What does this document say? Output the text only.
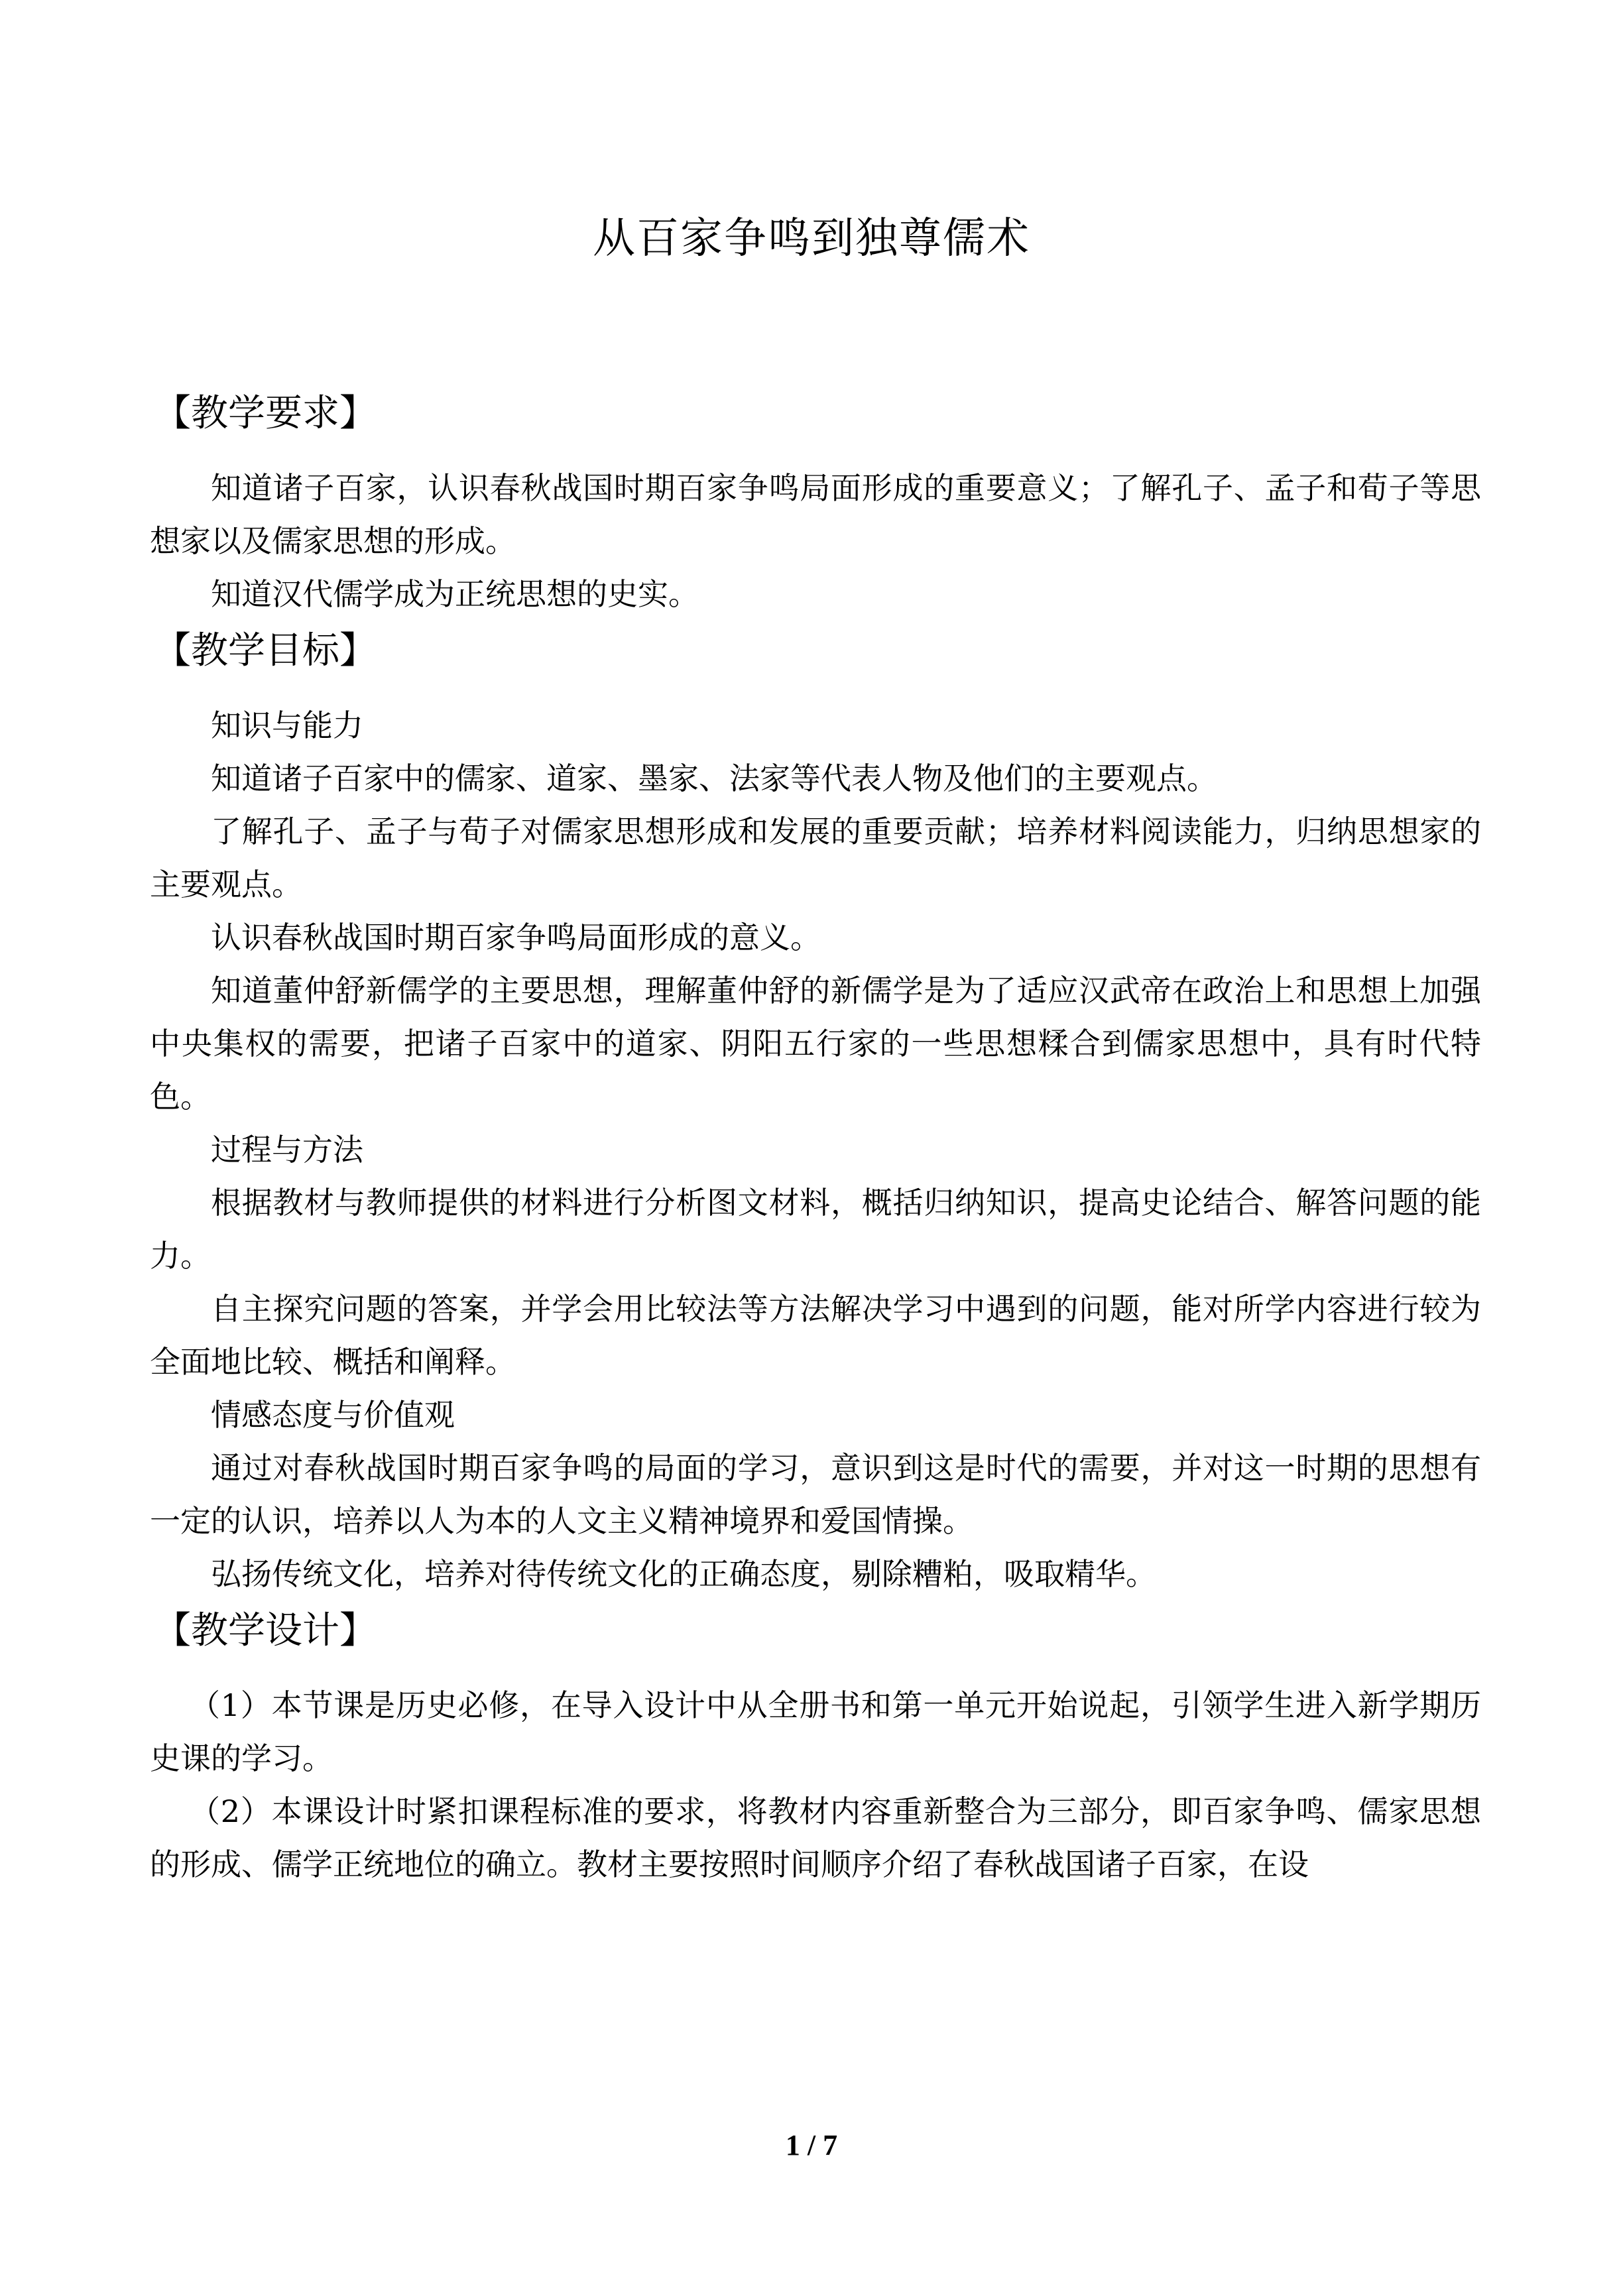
从百家争鸣到独尊儒术
【教学要求】

知道诸子百家，认识春秋战国时期百家争鸣局面形成的重要意义；了解孔子、孟子和荀子等思想家以及儒家思想的形成。

知道汉代儒学成为正统思想的史实。

【教学目标】

知识与能力

知道诸子百家中的儒家、道家、墨家、法家等代表人物及他们的主要观点。

了解孔子、孟子与荀子对儒家思想形成和发展的重要贡献；培养材料阅读能力，归纳思想家的主要观点。

认识春秋战国时期百家争鸣局面形成的意义。

知道董仲舒新儒学的主要思想，理解董仲舒的新儒学是为了适应汉武帝在政治上和思想上加强中央集权的需要，把诸子百家中的道家、阴阳五行家的一些思想糅合到儒家思想中，具有时代特色。

过程与方法

根据教材与教师提供的材料进行分析图文材料，概括归纳知识，提高史论结合、解答问题的能力。

自主探究问题的答案，并学会用比较法等方法解决学习中遇到的问题，能对所学内容进行较为全面地比较、概括和阐释。

情感态度与价值观

通过对春秋战国时期百家争鸣的局面的学习，意识到这是时代的需要，并对这一时期的思想有一定的认识，培养以人为本的人文主义精神境界和爱国情操。

弘扬传统文化，培养对待传统文化的正确态度，剔除糟粕，吸取精华。

【教学设计】

（1）本节课是历史必修，在导入设计中从全册书和第一单元开始说起，引领学生进入新学期历史课的学习。

（2）本课设计时紧扣课程标准的要求，将教材内容重新整合为三部分，即百家争鸣、儒家思想的形成、儒学正统地位的确立。教材主要按照时间顺序介绍了春秋战国诸子百家，在设

1 / 7
